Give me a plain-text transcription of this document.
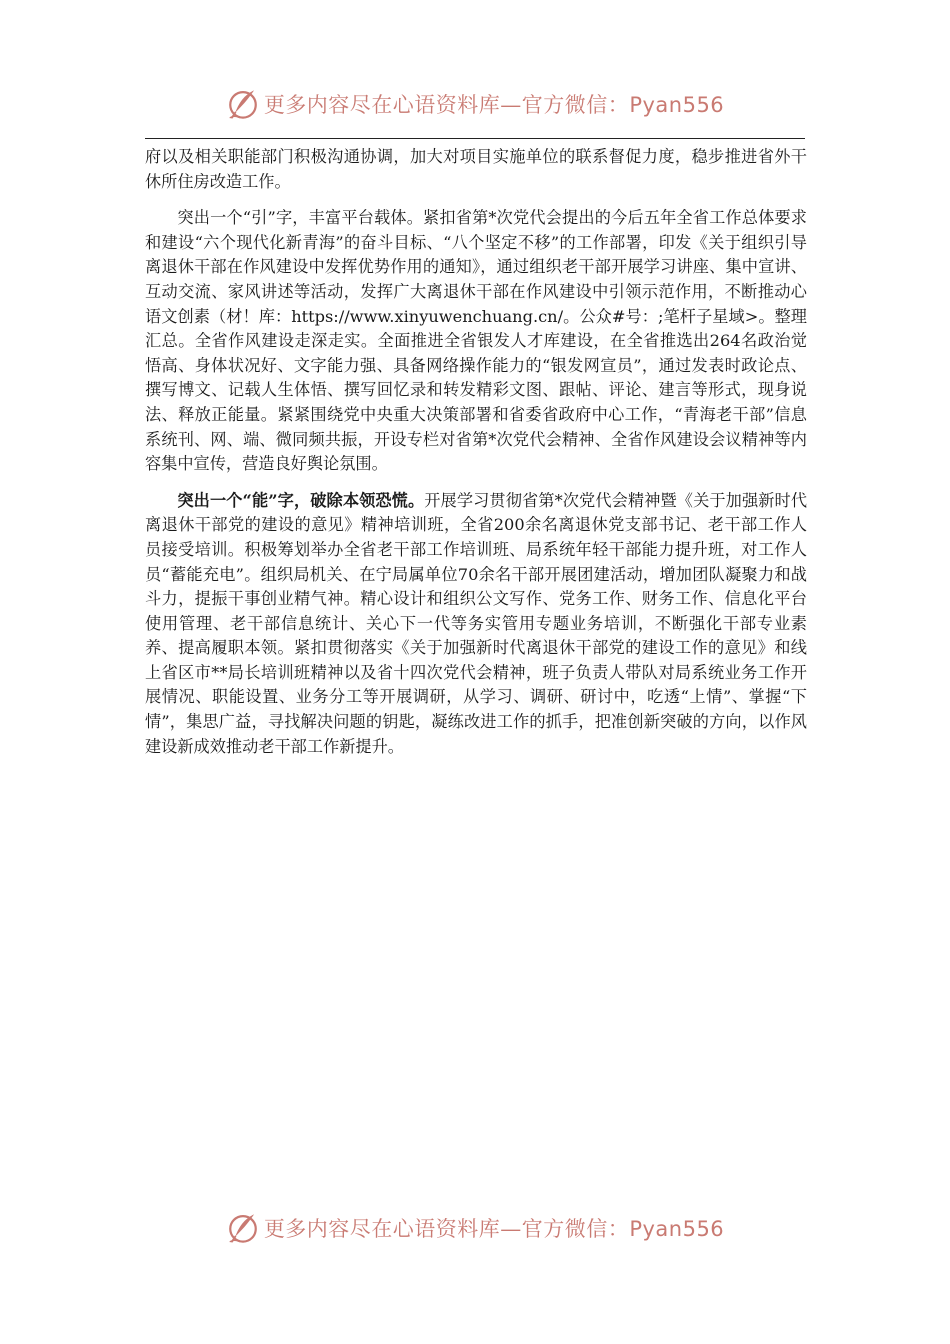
更多内容尽在心语资料库—官方微信：Pyan556

府以及相关职能部门积极沟通协调，加大对项目实施单位的联系督促力度，稳步推进省外干休所住房改造工作。

突出一个“引”字，丰富平台载体。紧扣省第*次党代会提出的今后五年全省工作总体要求和建设“六个现代化新青海”的奋斗目标、“八个坚定不移”的工作部署，印发《关于组织引导离退休干部在作风建设中发挥优势作用的通知》，通过组织老干部开展学习讲座、集中宣讲、互动交流、家风讲述等活动，发挥广大离退休干部在作风建设中引领示范作用，不断推动心语文创素（材！库：https://www.xinyuwenchuang.cn/。公众#号：;笔杆子星域>。整理汇总。全省作风建设走深走实。全面推进全省银发人才库建设，在全省推选出264名政治觉悟高、身体状况好、文字能力强、具备网络操作能力的“银发网宣员”，通过发表时政论点、撰写博文、记载人生体悟、撰写回忆录和转发精彩文图、跟帖、评论、建言等形式，现身说法、释放正能量。紧紧围绕党中央重大决策部署和省委省政府中心工作，“青海老干部”信息系统刊、网、端、微同频共振，开设专栏对省第*次党代会精神、全省作风建设会议精神等内容集中宣传，营造良好舆论氛围。

突出一个“能”字，破除本领恐慌。开展学习贯彻省第*次党代会精神暨《关于加强新时代离退休干部党的建设的意见》精神培训班，全省200余名离退休党支部书记、老干部工作人员接受培训。积极筹划举办全省老干部工作培训班、局系统年轻干部能力提升班，对工作人员“蓄能充电”。组织局机关、在宁局属单位70余名干部开展团建活动，增加团队凝聚力和战斗力，提振干事创业精气神。精心设计和组织公文写作、党务工作、财务工作、信息化平台使用管理、老干部信息统计、关心下一代等务实管用专题业务培训，不断强化干部专业素养、提高履职本领。紧扣贯彻落实《关于加强新时代离退休干部党的建设工作的意见》和线上省区市**局长培训班精神以及省十四次党代会精神，班子负责人带队对局系统业务工作开展情况、职能设置、业务分工等开展调研，从学习、调研、研讨中，吃透“上情”、掌握“下情”，集思广益，寻找解决问题的钥匙，凝练改进工作的抓手，把准创新突破的方向，以作风建设新成效推动老干部工作新提升。

更多内容尽在心语资料库—官方微信：Pyan556
